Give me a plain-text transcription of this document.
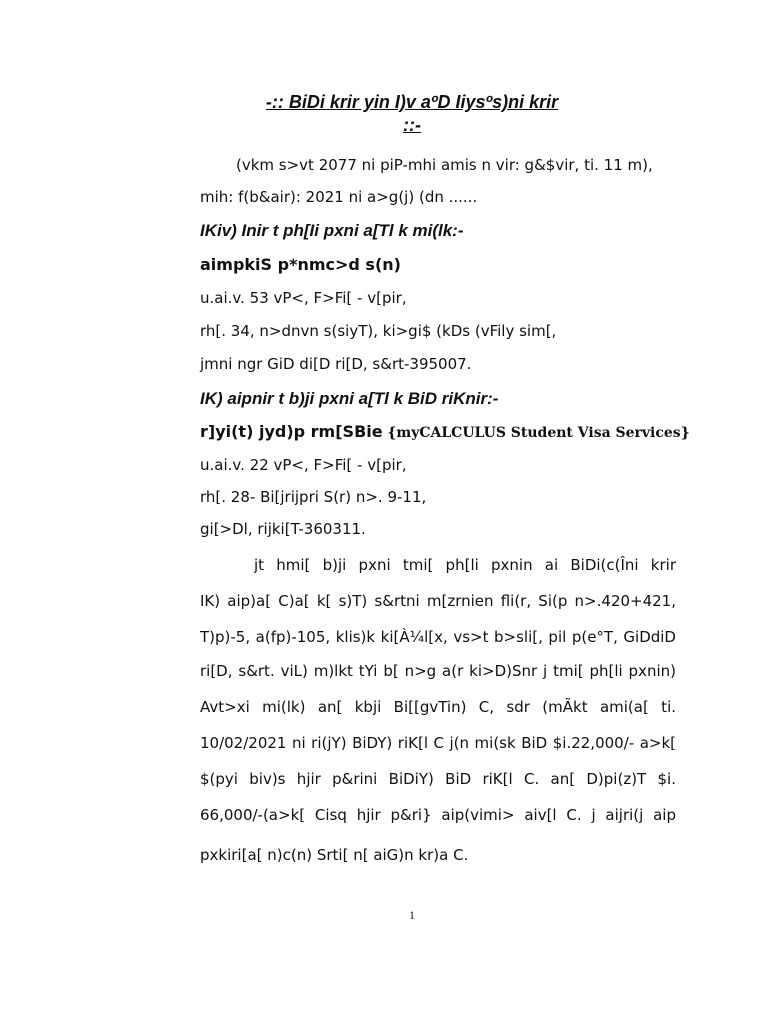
-:: BiDi krir yin I)v aºD Iiysºs)ni krir
::-
(vkm s>vt 2077 ni piP-mhi amis n vir: g&$vir, ti. 11 m),
mih: f(b&air): 2021 ni a>g(j) (dn ......
IKiv) Inir t ph[Ii pxni a[Tl k mi(lk:-
aimpkiS p*nmc>d s(n)
u.ai.v. 53 vP<, F>Fi[ - v[pir,
rh[. 34, n>dnvn s(siyT), ki>gi$ (kDs (vFily sim[,
jmni ngr GiD di[D ri[D, s&rt-395007.
IK) aipnir t b)ji pxni a[Tl k BiD riKnir:-
r]yi(t) jyd)p rm[SBie {myCALCULUS Student Visa Services}
u.ai.v. 22 vP<, F>Fi[ - v[pir,
rh[. 28- Bi[jrijpri S(r) n>. 9-11,
gi[>Dl, rijki[T-360311.
jt hmi[ b)ji pxni tmi[ ph[li pxnin ai BiDi(c(Îni krir
IK) aip)a[ C)a[ k[ s)T) s&rtni m[zrnien fli(r, Si(p n>.420+421,
T)p)-5, a(fp)-105, klis)k ki[À¼l[x, vs>t b>sli[, pil p(e°T, GiDdiD
ri[D, s&rt. viL) m)lkt tYi b[ n>g a(r ki>D)Snr j tmi[ ph[li pxnin)
Avt>xi mi(lk) an[ kbji Bi[[gvTin) C, sdr (mÃkt ami(a[ ti.
10/02/2021 ni ri(jY) BiDY) riK[l C j(n mi(sk BiD $i.22,000/- a>k[
$(pyi biv)s hjir p&rini BiDiY) BiD riK[l C. an[ D)pi(z)T $i.
66,000/-(a>k[ Cisq hjir p&ri} aip(vimi> aiv[l C. j aijri(j aip
pxkiri[a[ n)c(n) Srti[ n[ aiG)n kr)a C.
1
